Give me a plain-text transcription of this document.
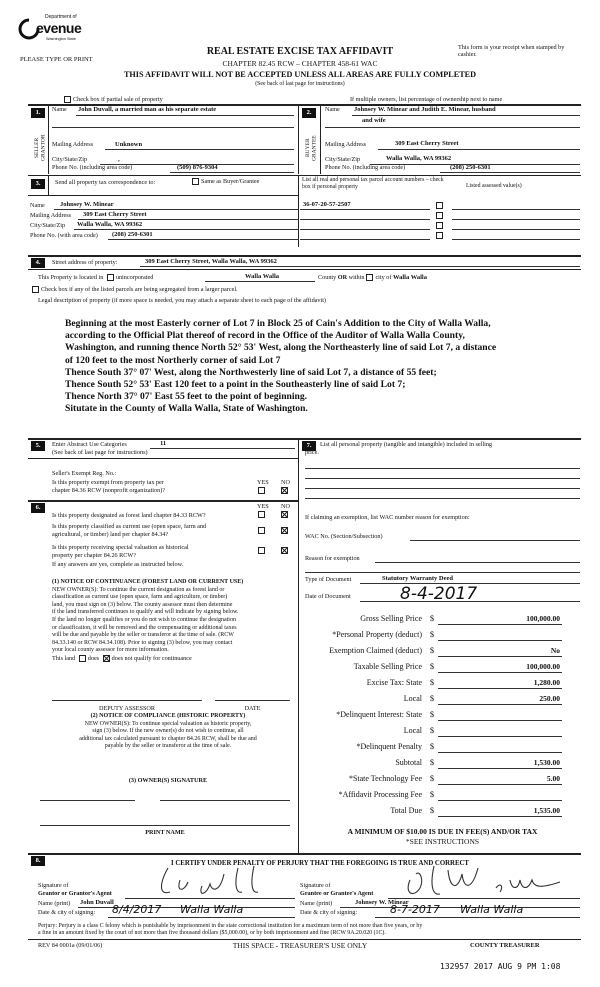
Department of
evenue
Washington State
PLEASE TYPE OR PRINT
REAL ESTATE EXCISE TAX AFFIDAVIT
CHAPTER 82.45 RCW – CHAPTER 458-61 WAC
THIS AFFIDAVIT WILL NOT BE ACCEPTED UNLESS ALL AREAS ARE FULLY COMPLETED
(See back of last page for instructions)
This form is your receipt when stamped by cashier.
Check box if partial sale of property	If multiple owners, list percentage of ownership next to name
1.
SELLER GRANTOR
Name John Duvall, a married man as his separate estate
Mailing Address	Unknown
City/State/Zip	,
Phone No. (including area code)	(509) 876-9304
2.
BUYER GRANTEE
Name Johnsey W. Minear and Judith E. Minear, husband
and wife
Mailing Address	309 East Cherry Street
City/State/Zip	Walla Walla, WA 99362
Phone No. (including area code)	(208) 250-6301
3.	Send all property tax correspondence to:	Same as Buyer/Grantee	List all real and personal tax parcel account numbers – check box if personal property	Listed assessed value(s)
Name Johnsey W. Minear
Mailing Address 309 East Cherry Street
City/State/Zip Walla Walla, WA 99362
Phone No. (with area code) (208) 250-6301
36-07-20-57-2507
4.	Street address of property:	309 East Cherry Street, Walla Walla, WA 99362
This Property is located in unincorporated	Walla Walla	County OR within city of Walla Walla
Check box if any of the listed parcels are being segregated from a larger parcel.
Legal description of property (if more space is needed, you may attach a separate sheet to each page of the affidavit)
Beginning at the most Easterly corner of Lot 7 in Block 25 of Cain's Addition to the City of Walla Walla,
according to the Official Plat thereof of record in the Office of the Auditor of Walla Walla County,
Washington, and running thence North 52° 53' West, along the Northeasterly line of said Lot 7, a distance
of 120 feet to the most Northerly corner of said Lot 7
Thence South 37° 07' West, along the Northwesterly line of said Lot 7, a distance of 55 feet;
Thence South 52° 53' East 120 feet to a point in the Southeasterly line of said Lot 7;
Thence North 37° 07' East 55 feet to the point of beginning.
Situtate in the County of Walla Walla, State of Washington.
5.	Enter Abstract Use Categories	11
(See back of last page for instructions)
Seller's Exempt Reg. No.:
Is this property exempt from property tax per
chapter 84.36 RCW (nonprofit organization)?
YES NO
6.	YES NO
Is this property designated as forest land chapter 84.33 RCW?
Is this property classified as current use (open space, farm and
agricultural, or timber) land per chapter 84.34?
Is this property receiving special valuation as historical
property per chapter 84.26 RCW?
If any answers are yes, complete as instructed below.
(1) NOTICE OF CONTINUANCE (FOREST LAND OR CURRENT USE)
NEW OWNER(S): To continue the current designation as forest land or
classification as current use (open space, farm and agriculture, or timber)
land, you must sign on (3) below. The county assessor must then determine
if the land transferred continues to qualify and will indicate by signing below.
If the land no longer qualifies or you do not wish to continue the designation
or classification, it will be removed and the compensating or additional taxes
will be due and payable by the seller or transferor at the time of sale. (RCW
84.33.140 or RCW 84.34.108). Prior to signing (3) below, you may contact
your local county assessor for more information.
This land does does not qualify for continuance
DEPUTY ASSESSOR	DATE
(2) NOTICE OF COMPLIANCE (HISTORIC PROPERTY)
NEW OWNER(S): To continue special valuation as historic property,
sign (3) below. If the new owner(s) do not wish to continue, all
additional tax calculated pursuant to chapter 84.26 RCW, shall be due and
payable by the seller or transferor at the time of sale.
(3) OWNER(S) SIGNATURE
PRINT NAME
7.	List all personal property (tangible and intangible) included in selling
price.
If claiming an exemption, list WAC number reason for exemption:
WAC No. (Section/Subsection)
Reason for exemption
Type of Document	Statutory Warranty Deed
Date of Document	8-4-2017
Gross Selling Price $	100,000.00
*Personal Property (deduct) $
Exemption Claimed (deduct) $	No
Taxable Selling Price $	100,000.00
Excise Tax: State $	1,280.00
Local $	250.00
*Delinquent Interest: State $
Local $
*Delinquent Penalty $
Subtotal $	1,530.00
*State Technology Fee $	5.00
*Affidavit Processing Fee $
Total Due $	1,535.00
A MINIMUM OF $10.00 IS DUE IN FEE(S) AND/OR TAX
*SEE INSTRUCTIONS
8.	I CERTIFY UNDER PENALTY OF PERJURY THAT THE FOREGOING IS TRUE AND CORRECT
Signature of
Grantor or Grantor's Agent
Name (print) John Duvall
Date & city of signing: 8/4/2017 Walla Walla
Signature of
Grantee or Grantee's Agent
Name (print)	Johnsey W. Minear
Date & city of signing:	8-7-2017 Walla Walla
Perjury: Perjury is a class C felony which is punishable by imprisonment in the state correctional institution for a maximum term of not more than five years, or by
a fine in an amount fixed by the court of not more than five thousand dollars ($5,000.00), or by both imprisonment and fine (RCW 9A.20.020 (1C).
REV 84 0001a (09/01/06)	THIS SPACE - TREASURER'S USE ONLY	COUNTY TREASURER
132957 2017 AUG 9 PM 1:08
